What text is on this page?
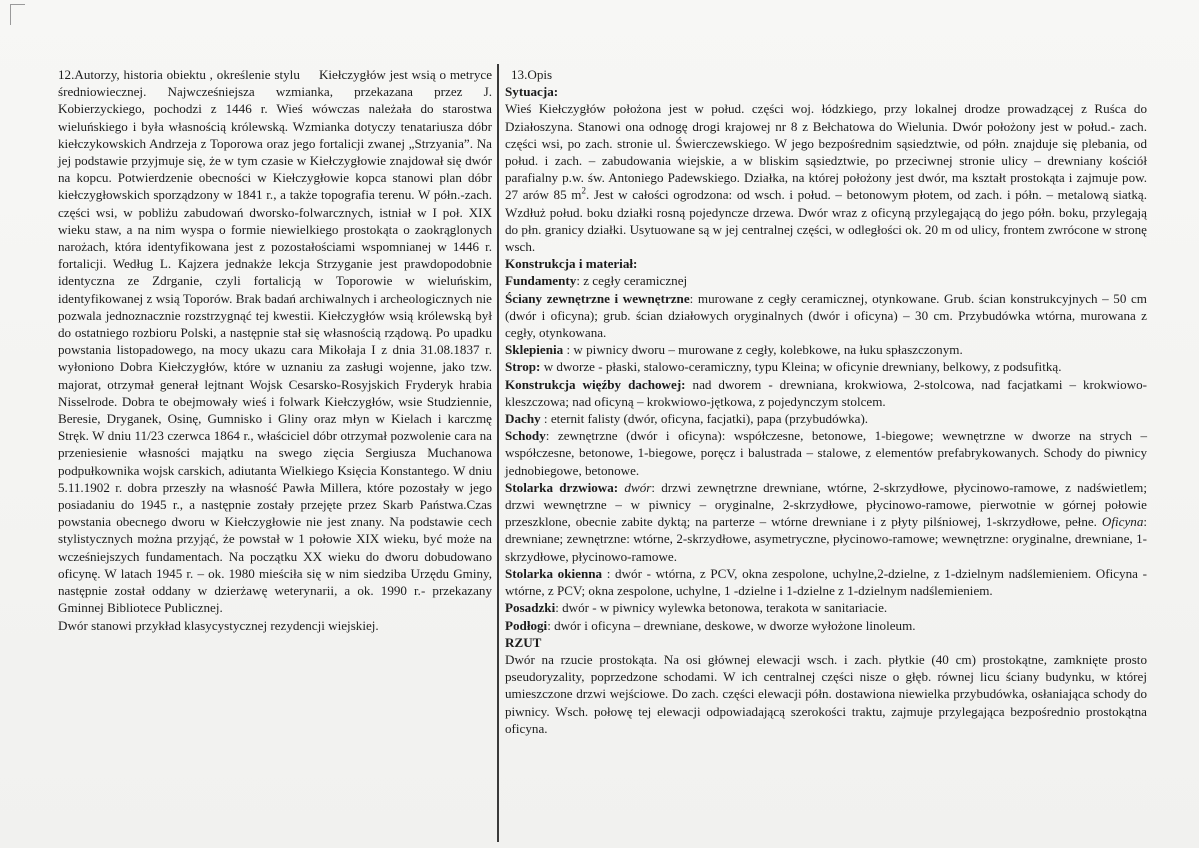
12.Autorzy, historia obiektu , określenie stylu Kiełczygłów jest wsią o metryce średniowiecznej. Najwcześniejsza wzmianka, przekazana przez J. Kobierzyckiego, pochodzi z 1446 r. Wieś wówczas należała do starostwa wieluńskiego i była własnością królewską. Wzmianka dotyczy tenatariusza dóbr kiełczykowskich Andrzeja z Toporowa oraz jego fortalicji zwanej „Strzyania”. Na jej podstawie przyjmuje się, że w tym czasie w Kiełczygłowie znajdował się dwór na kopcu. Potwierdzenie obecności w Kiełczygłowie kopca stanowi plan dóbr kiełczygłowskich sporządzony w 1841 r., a także topografia terenu. W półn.-zach. części wsi, w pobliżu zabudowań dworsko-folwarcznych, istniał w I poł. XIX wieku staw, a na nim wyspa o formie niewielkiego prostokąta o zaokrąglonych narożach, która identyfikowana jest z pozostałościami wspomnianej w 1446 r. fortalicji. Według L. Kajzera jednakże lekcja Strzyganie jest prawdopodobnie identyczna ze Zdrganie, czyli fortalicją w Toporowie w wieluńskim, identyfikowanej z wsią Toporów. Brak badań archiwalnych i archeologicznych nie pozwala jednoznacznie rozstrzygnąć tej kwestii. Kiełczygłów wsią królewską był do ostatniego rozbioru Polski, a następnie stał się własnością rządową. Po upadku powstania listopadowego, na mocy ukazu cara Mikołaja I z dnia 31.08.1837 r. wyłoniono Dobra Kiełczygłów, które w uznaniu za zasługi wojenne, jako tzw. majorat, otrzymał generał lejtnant Wojsk Cesarsko-Rosyjskich Fryderyk hrabia Nisselrode. Dobra te obejmowały wieś i folwark Kiełczygłów, wsie Studziennie, Beresie, Dryganek, Osinę, Gumnisko i Gliny oraz młyn w Kielach i karczmę Stręk. W dniu 11/23 czerwca 1864 r., właściciel dóbr otrzymał pozwolenie cara na przeniesienie własności majątku na swego zięcia Sergiusza Muchanowa podpułkownika wojsk carskich, adiutanta Wielkiego Księcia Konstantego. W dniu 5.11.1902 r. dobra przeszły na własność Pawła Millera, które pozostały w jego posiadaniu do 1945 r., a następnie zostały przejęte przez Skarb Państwa.Czas powstania obecnego dworu w Kiełczygłowie nie jest znany. Na podstawie cech stylistycznych można przyjąć, że powstał w 1 połowie XIX wieku, być może na wcześniejszych fundamentach. Na początku XX wieku do dworu dobudowano oficynę. W latach 1945 r. – ok. 1980 mieściła się w nim siedziba Urzędu Gminy, następnie został oddany w dzierżawę weterynarii, a ok. 1990 r.- przekazany Gminnej Bibliotece Publicznej.

Dwór stanowi przykład klasycystycznej rezydencji wiejskiej.

13.Opis

Sytuacja:

Wieś Kiełczygłów położona jest w połud. części woj. łódzkiego, przy lokalnej drodze prowadzącej z Ruśca do Działoszyna. Stanowi ona odnogę drogi krajowej nr 8 z Bełchatowa do Wielunia. Dwór położony jest w połud.- zach. części wsi, po zach. stronie ul. Świerczewskiego. W jego bezpośrednim sąsiedztwie, od półn. znajduje się plebania, od połud. i zach. – zabudowania wiejskie, a w bliskim sąsiedztwie, po przeciwnej stronie ulicy – drewniany kościół parafialny p.w. św. Antoniego Padewskiego. Działka, na której położony jest dwór, ma kształt prostokąta i zajmuje pow. 27 arów 85 $m^2$. Jest w całości ogrodzona: od wsch. i połud. – betonowym płotem, od zach. i półn. – metalową siatką. Wzdłuż połud. boku działki rosną pojedyncze drzewa. Dwór wraz z oficyną przylegającą do jego półn. boku, przylegają do płn. granicy działki. Usytuowane są w jej centralnej części, w odległości ok. 20 m od ulicy, frontem zwrócone w stronę wsch.

Konstrukcja i materiał:

Fundamenty: z cegły ceramicznej

Ściany zewnętrzne i wewnętrzne: murowane z cegły ceramicznej, otynkowane. Grub. ścian konstrukcyjnych – 50 cm (dwór i oficyna); grub. ścian działowych oryginalnych (dwór i oficyna) – 30 cm. Przybudówka wtórna, murowana z cegły, otynkowana.

Sklepienia : w piwnicy dworu – murowane z cegły, kolebkowe, na łuku spłaszczonym.

Strop: w dworze - płaski, stalowo-ceramiczny, typu Kleina; w oficynie drewniany, belkowy, z podsufitką.

Konstrukcja więźby dachowej: nad dworem - drewniana, krokwiowa, 2-stolcowa, nad facjatkami – krokwiowo-kleszczowa; nad oficyną – krokwiowo-jętkowa, z pojedynczym stolcem.

Dachy : eternit falisty (dwór, oficyna, facjatki), papa (przybudówka).

Schody: zewnętrzne (dwór i oficyna): współczesne, betonowe, 1-biegowe; wewnętrzne w dworze na strych – współczesne, betonowe, 1-biegowe, poręcz i balustrada – stalowe, z elementów prefabrykowanych. Schody do piwnicy jednobiegowe, betonowe.

Stolarka drzwiowa: dwór: drzwi zewnętrzne drewniane, wtórne, 2-skrzydłowe, płycinowo-ramowe, z nadświetlem; drzwi wewnętrzne – w piwnicy – oryginalne, 2-skrzydłowe, płycinowo-ramowe, pierwotnie w górnej połowie przeszklone, obecnie zabite dyktą; na parterze – wtórne drewniane i z płyty pilśniowej, 1-skrzydłowe, pełne. Oficyna: drewniane; zewnętrzne: wtórne, 2-skrzydłowe, asymetryczne, płycinowo-ramowe; wewnętrzne: oryginalne, drewniane, 1-skrzydłowe, płycinowo-ramowe.

Stolarka okienna : dwór - wtórna, z PCV, okna zespolone, uchylne,2-dzielne, z 1-dzielnym nadślemieniem. Oficyna - wtórne, z PCV; okna zespolone, uchylne, 1 -dzielne i 1-dzielne z 1-dzielnym nadślemieniem.

Posadzki: dwór - w piwnicy wylewka betonowa, terakota w sanitariacie.

Podłogi: dwór i oficyna – drewniane, deskowe, w dworze wyłożone linoleum.

RZUT

Dwór na rzucie prostokąta. Na osi głównej elewacji wsch. i zach. płytkie (40 cm) prostokątne, zamknięte prosto pseudoryzality, poprzedzone schodami. W ich centralnej części nisze o głęb. równej licu ściany budynku, w której umieszczone drzwi wejściowe. Do zach. części elewacji półn. dostawiona niewielka przybudówka, osłaniająca schody do piwnicy. Wsch. połowę tej elewacji odpowiadającą szerokości traktu, zajmuje przylegająca bezpośrednio prostokątna oficyna.
